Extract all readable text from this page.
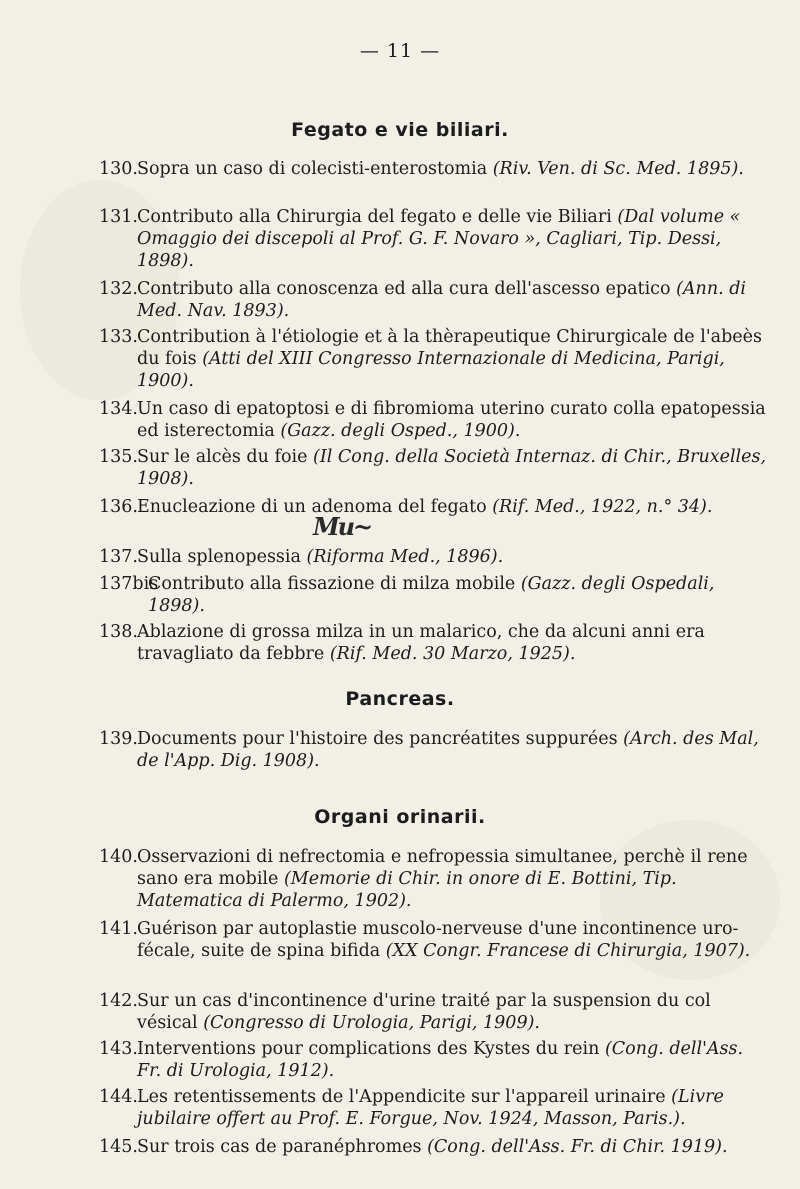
— 11 —
Fegato e vie biliari.
130. Sopra un caso di colecisti-enterostomia (Riv. Ven. di Sc. Med. 1895).
131. Contributo alla Chirurgia del fegato e delle vie Biliari (Dal volume « Omaggio dei discepoli al Prof. G. F. Novaro », Cagliari, Tip. Dessi, 1898).
132. Contributo alla conoscenza ed alla cura dell'ascesso epatico (Ann. di Med. Nav. 1893).
133. Contribution à l'étiologie et à la thèrapeutique Chirurgicale de l'abeès du fois (Atti del XIII Congresso Internazionale di Medicina, Parigi, 1900).
134. Un caso di epatoptosi e di fibromioma uterino curato colla epatopessia ed isterectomia (Gazz. degli Osped., 1900).
135. Sur le alcès du foie (Il Cong. della Società Internaz. di Chir., Bruxelles, 1908).
136. Enucleazione di un adenoma del fegato (Rif. Med., 1922, n.° 34).
Mu~
137. Sulla splenopessia (Riforma Med., 1896).
137bis
Contributo alla fissazione di milza mobile (Gazz. degli Ospedali, 1898).
138. Ablazione di grossa milza in un malarico, che da alcuni anni era travagliato da febbre (Rif. Med. 30 Marzo, 1925).
Pancreas.
139. Documents pour l'histoire des pancréatites suppurées (Arch. des Mal, de l'App. Dig. 1908).
Organi orinarii.
140. Osservazioni di nefrectomia e nefropessia simultanee, perchè il rene sano era mobile (Memorie di Chir. in onore di E. Bottini, Tip. Matematica di Palermo, 1902).
141. Guérison par autoplastie muscolo-nerveuse d'une incontinence uro-fécale, suite de spina bifida (XX Congr. Francese di Chirurgia, 1907).
142. Sur un cas d'incontinence d'urine traité par la suspension du col vésical (Congresso di Urologia, Parigi, 1909).
143. Interventions pour complications des Kystes du rein (Cong. dell'Ass. Fr. di Urologia, 1912).
144. Les retentissements de l'Appendicite sur l'appareil urinaire (Livre jubilaire offert au Prof. E. Forgue, Nov. 1924, Masson, Paris.).
145. Sur trois cas de paranéphromes (Cong. dell'Ass. Fr. di Chir. 1919).
